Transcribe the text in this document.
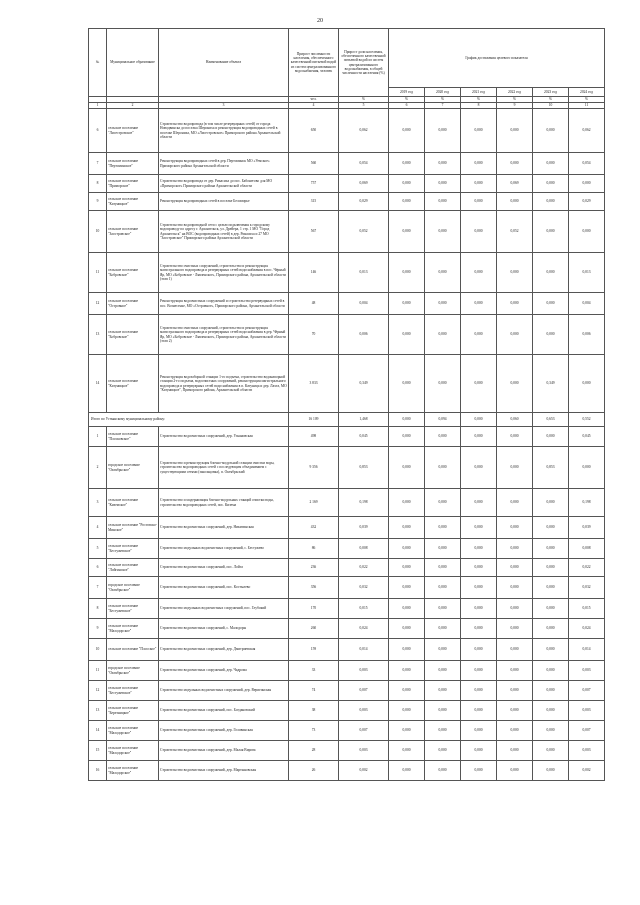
20
№	Муниципальное образование	Наименование объекта	Прирост численности населения, обеспеченного качественной питьевой водой из систем централизованного водоснабжения, человек	Прирост доли населения, обеспеченного качественной питьевой водой из систем централизованного водоснабжения, в общей численности населения (%)	График достижения целевого показателя					
					2019 год	2020 год	2021 год	2022 год	2023 год	2024 год
			чел.	%	%	%	%	%	%	%
1	2	3	4	5	6	7	8	9	10	11
6	сельское поселение "Лисестровское"	Строительство водопровода (в том числе резервуарных сетей) от города Новодвинска до поселка Шерониха и реконструкция водопроводных сетей в поселке Шерониха, МО «Лисестровское» Приморского района Архангельской области	650	0,062	0,000	0,000	0,000	0,000	0,000	0,062
7	сельское поселение "Пертоминское"	Реконструкция водопроводных сетей в дер. Пертоминск МО «Уемское» Приморского района Архангельской области	560	0,054	0,000	0,000	0,000	0,000	0,000	0,054
8	сельское поселение "Приморское"	Строительство водопровода от дер. Рикасиха до пос. Бабонегово для МО «Приморское» Приморского района Архангельской области	757	0,069	0,000	0,000	0,000	0,069	0,000	0,000
9	сельское поселение "Катуницкое"	Реконструкция водопроводных сетей в поселке Беломорье	315	0,029	0,000	0,000	0,000	0,000	0,000	0,029
10	сельское поселение "Заостровское"	Строительство водопроводной сети с целью подключения к городскому водопроводу по адресу г. Архангельск, ул. Дрейера, 1 стр. 1 МО "Город Архангельск" на ВОС (водопроводных сетей) в дер. Рикасиха и 27 МО "Заостровское" Приморского района Архангельской области	567	0,052	0,000	0,000	0,000	0,052	0,000	0,000
11	сельское поселение "Бобровское"	Строительство очистных сооружений, строительство и реконструкция магистрального водопровода и резервуарных сетей водоснабжения в пос. Чёрный Яр, МО «Бобровское - Лявленское», Приморского района, Архангельской области (этап 1)	146	0,013	0,000	0,000	0,000	0,000	0,000	0,013
12	сельское поселение "Островное"	Реконструкция водоочистных сооружений и строительство резервуарных сетей в пос. Вознесенье, МО «Островное», Приморского района, Архангельской области	48	0,004	0,000	0,000	0,000	0,000	0,000	0,004
13	сельское поселение "Бобровское"	Строительство очистных сооружений, строительство и реконструкция магистрального водопровода и резервуарных сетей водоснабжения в дер. Чёрный Яр, МО «Бобровское - Лявленское», Приморского района, Архангельской области (этап 2)	70	0,006	0,000	0,000	0,000	0,000	0,000	0,006
14	сельское поселение "Катуницкое"	Реконструкция водозаборной станции 1-го подъема, строительство водонапорной станции 2-го подъема, водоочистных сооружений, реконструкция магистрального водопровода и резервуарных сетей водоснабжения в п. Катуница и дер. Лахта, МО "Катуницкое", Приморского района, Архангельской области	3 833	0,349	0,000	0,000	0,000	0,000	0,349	0,000
Итого по Устьянскому муниципальному району:			16 109	1,468	0,000	0,094	0,000	0,060	0,653	0,552
1	сельское поселение "Плосковское"	Строительство водоочистных сооружений, дер. Ульяновская	498	0,045	0,000	0,000	0,000	0,000	0,000	0,045
2	городское поселение "Октябрьское"	Строительство и реконструкция блочно-модульной станции очистки воды, строительство водопроводных сетей с последующим объединением с существующими сетями (закольцовка), п. Октябрьский	9 356	0,853	0,000	0,000	0,000	0,000	0,853	0,000
3	сельское поселение "Киземское"	Строительство и модернизация блочно-модульных станций очистки воды, строительство водопроводных сетей, пос. Кизема	2 169	0,198	0,000	0,000	0,000	0,000	0,000	0,198
4	сельское поселение "Ростовско-Минское"	Строительство водоочистных сооружений, дер. Никитинская	432	0,039	0,000	0,000	0,000	0,000	0,000	0,039
5	сельское поселение "Бестужевское"	Строительство модульных водоочистных сооружений, с. Бестужево	86	0,008	0,000	0,000	0,000	0,000	0,000	0,008
6	сельское поселение "Лойгинское"	Строительство водоочистных сооружений, пос. Лойга	236	0,022	0,000	0,000	0,000	0,000	0,000	0,022
7	городское поселение "Октябрьское"	Строительство водоочистных сооружений, пос. Костылево	356	0,032	0,000	0,000	0,000	0,000	0,000	0,032
8	сельское поселение "Бестужевское"	Строительство модульных водоочистных сооружений, пос. Глубокий	170	0,015	0,000	0,000	0,000	0,000	0,000	0,015
9	сельское поселение "Малодорское"	Строительство водоочистных сооружений, с. Малодоры	260	0,024	0,000	0,000	0,000	0,000	0,000	0,024
10	сельское поселение "Плосское"	Строительство водоочистных сооружений, дер. Дмитриевская	159	0,014	0,000	0,000	0,000	0,000	0,000	0,014
11	городское поселение "Октябрьское"	Строительство водоочистных сооружений, дер. Чадрома	33	0,003	0,000	0,000	0,000	0,000	0,000	0,003
12	сельское поселение "Бестужевское"	Строительство модульных водоочистных сооружений, дер. Веригинская	74	0,007	0,000	0,000	0,000	0,000	0,000	0,007
13	сельское поселение "Березницкое"	Строительство водоочистных сооружений, пос. Богдановский	38	0,003	0,000	0,000	0,000	0,000	0,000	0,003
14	сельское поселение "Малодорское"	Строительство водоочистных сооружений, дер. Головинская	73	0,007	0,000	0,000	0,000	0,000	0,000	0,007
15	сельское поселение "Малодорское"	Строительство водоочистных сооружений, дер. Малая Вирова	28	0,003	0,000	0,000	0,000	0,000	0,000	0,003
16	сельское поселение "Малодорское"	Строительство водоочистных сооружений, дер. Мартыновская	26	0,002	0,000	0,000	0,000	0,000	0,000	0,002
